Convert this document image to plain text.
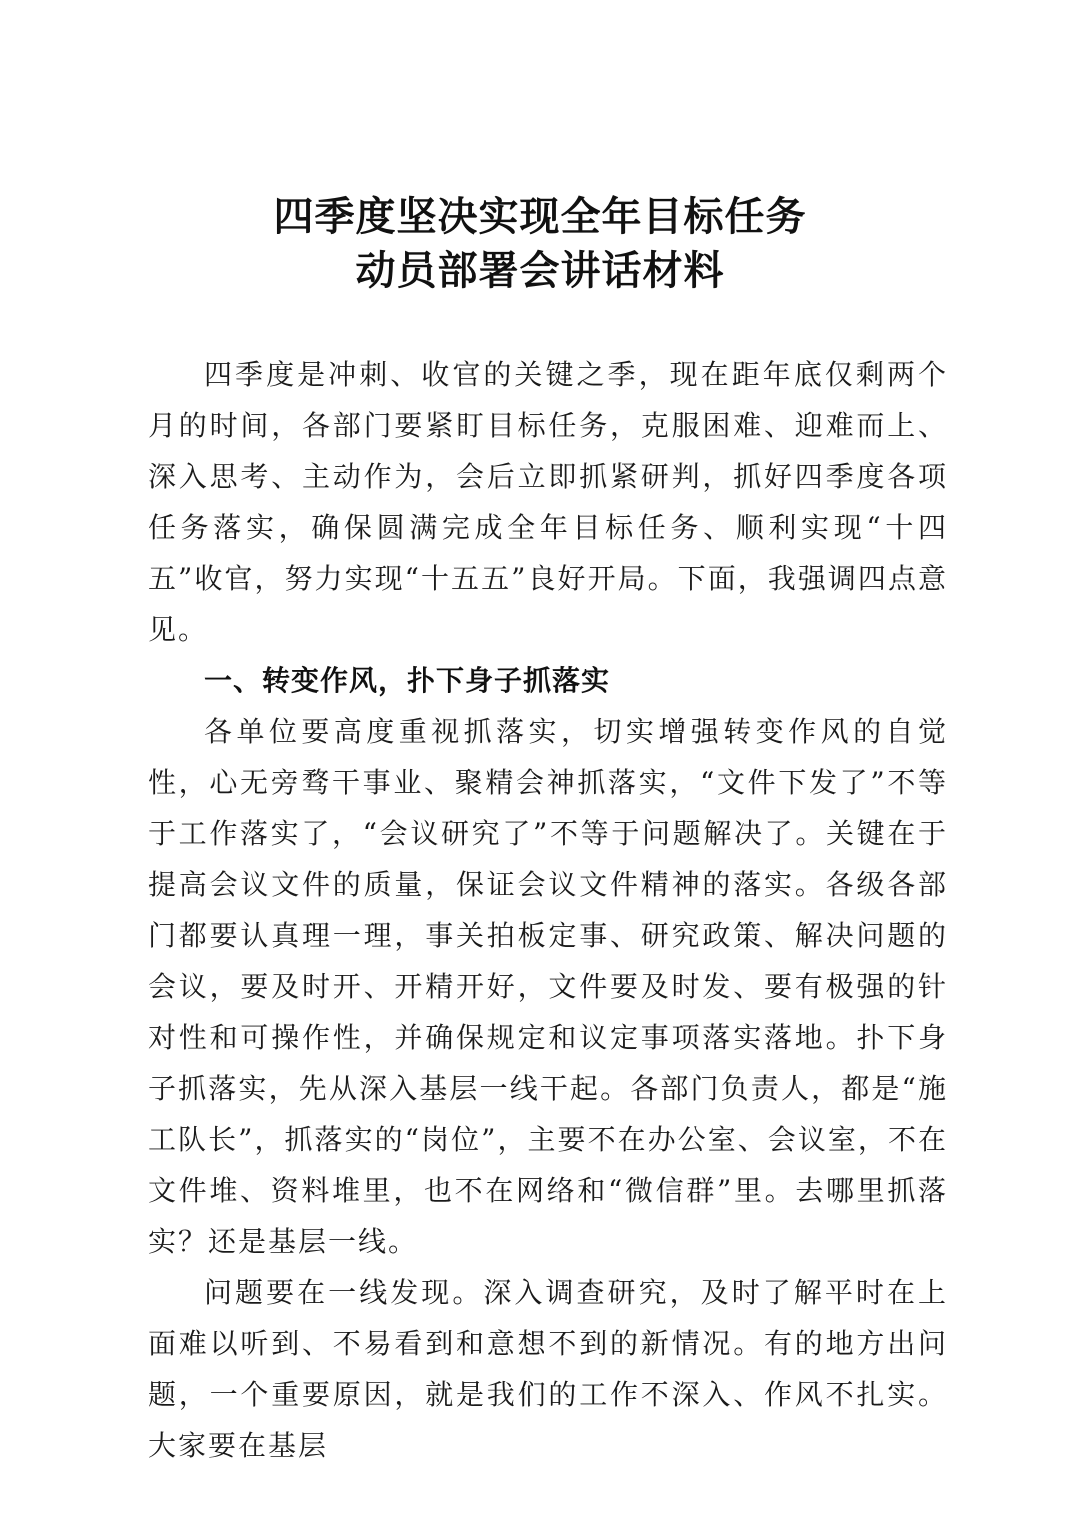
四季度坚决实现全年目标任务
动员部署会讲话材料

四季度是冲刺、收官的关键之季，现在距年底仅剩两个月的时间，各部门要紧盯目标任务，克服困难、迎难而上、深入思考、主动作为，会后立即抓紧研判，抓好四季度各项任务落实，确保圆满完成全年目标任务、顺利实现“十四五”收官，努力实现“十五五”良好开局。下面，我强调四点意见。

一、转变作风，扑下身子抓落实

各单位要高度重视抓落实，切实增强转变作风的自觉性，心无旁骛干事业、聚精会神抓落实，“文件下发了”不等于工作落实了，“会议研究了”不等于问题解决了。关键在于提高会议文件的质量，保证会议文件精神的落实。各级各部门都要认真理一理，事关拍板定事、研究政策、解决问题的会议，要及时开、开精开好，文件要及时发、要有极强的针对性和可操作性，并确保规定和议定事项落实落地。扑下身子抓落实，先从深入基层一线干起。各部门负责人，都是“施工队长”，抓落实的“岗位”，主要不在办公室、会议室，不在文件堆、资料堆里，也不在网络和“微信群”里。去哪里抓落实？还是基层一线。

问题要在一线发现。深入调查研究，及时了解平时在上面难以听到、不易看到和意想不到的新情况。有的地方出问题，一个重要原因，就是我们的工作不深入、作风不扎实。大家要在基层
